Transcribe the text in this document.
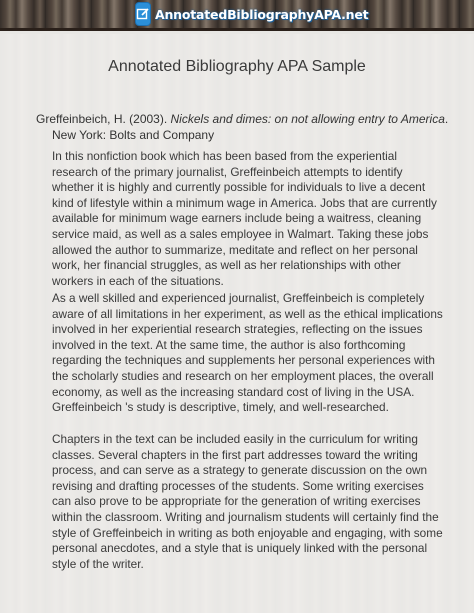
AnnotatedBibliographyAPA.net
Annotated Bibliography APA Sample
Greffeinbeich, H. (2003). Nickels and dimes: on not allowing entry to America. New York: Bolts and Company
In this nonfiction book which has been based from the experiential research of the primary journalist, Greffeinbeich attempts to identify whether it is highly and currently possible for individuals to live a decent kind of lifestyle within a minimum wage in America. Jobs that are currently available for minimum wage earners include being a waitress, cleaning service maid, as well as a sales employee in Walmart. Taking these jobs allowed the author to summarize, meditate and reflect on her personal work, her financial struggles, as well as her relationships with other workers in each of the situations.
As a well skilled and experienced journalist, Greffeinbeich is completely aware of all limitations in her experiment, as well as the ethical implications involved in her experiential research strategies, reflecting on the issues involved in the text. At the same time, the author is also forthcoming regarding the techniques and supplements her personal experiences with the scholarly studies and research on her employment places, the overall economy, as well as the increasing standard cost of living in the USA. Greffeinbeich 's study is descriptive, timely, and well-researched.
Chapters in the text can be included easily in the curriculum for writing classes. Several chapters in the first part addresses toward the writing process, and can serve as a strategy to generate discussion on the own revising and drafting processes of the students. Some writing exercises can also prove to be appropriate for the generation of writing exercises within the classroom. Writing and journalism students will certainly find the style of Greffeinbeich in writing as both enjoyable and engaging, with some personal anecdotes, and a style that is uniquely linked with the personal style of the writer.
